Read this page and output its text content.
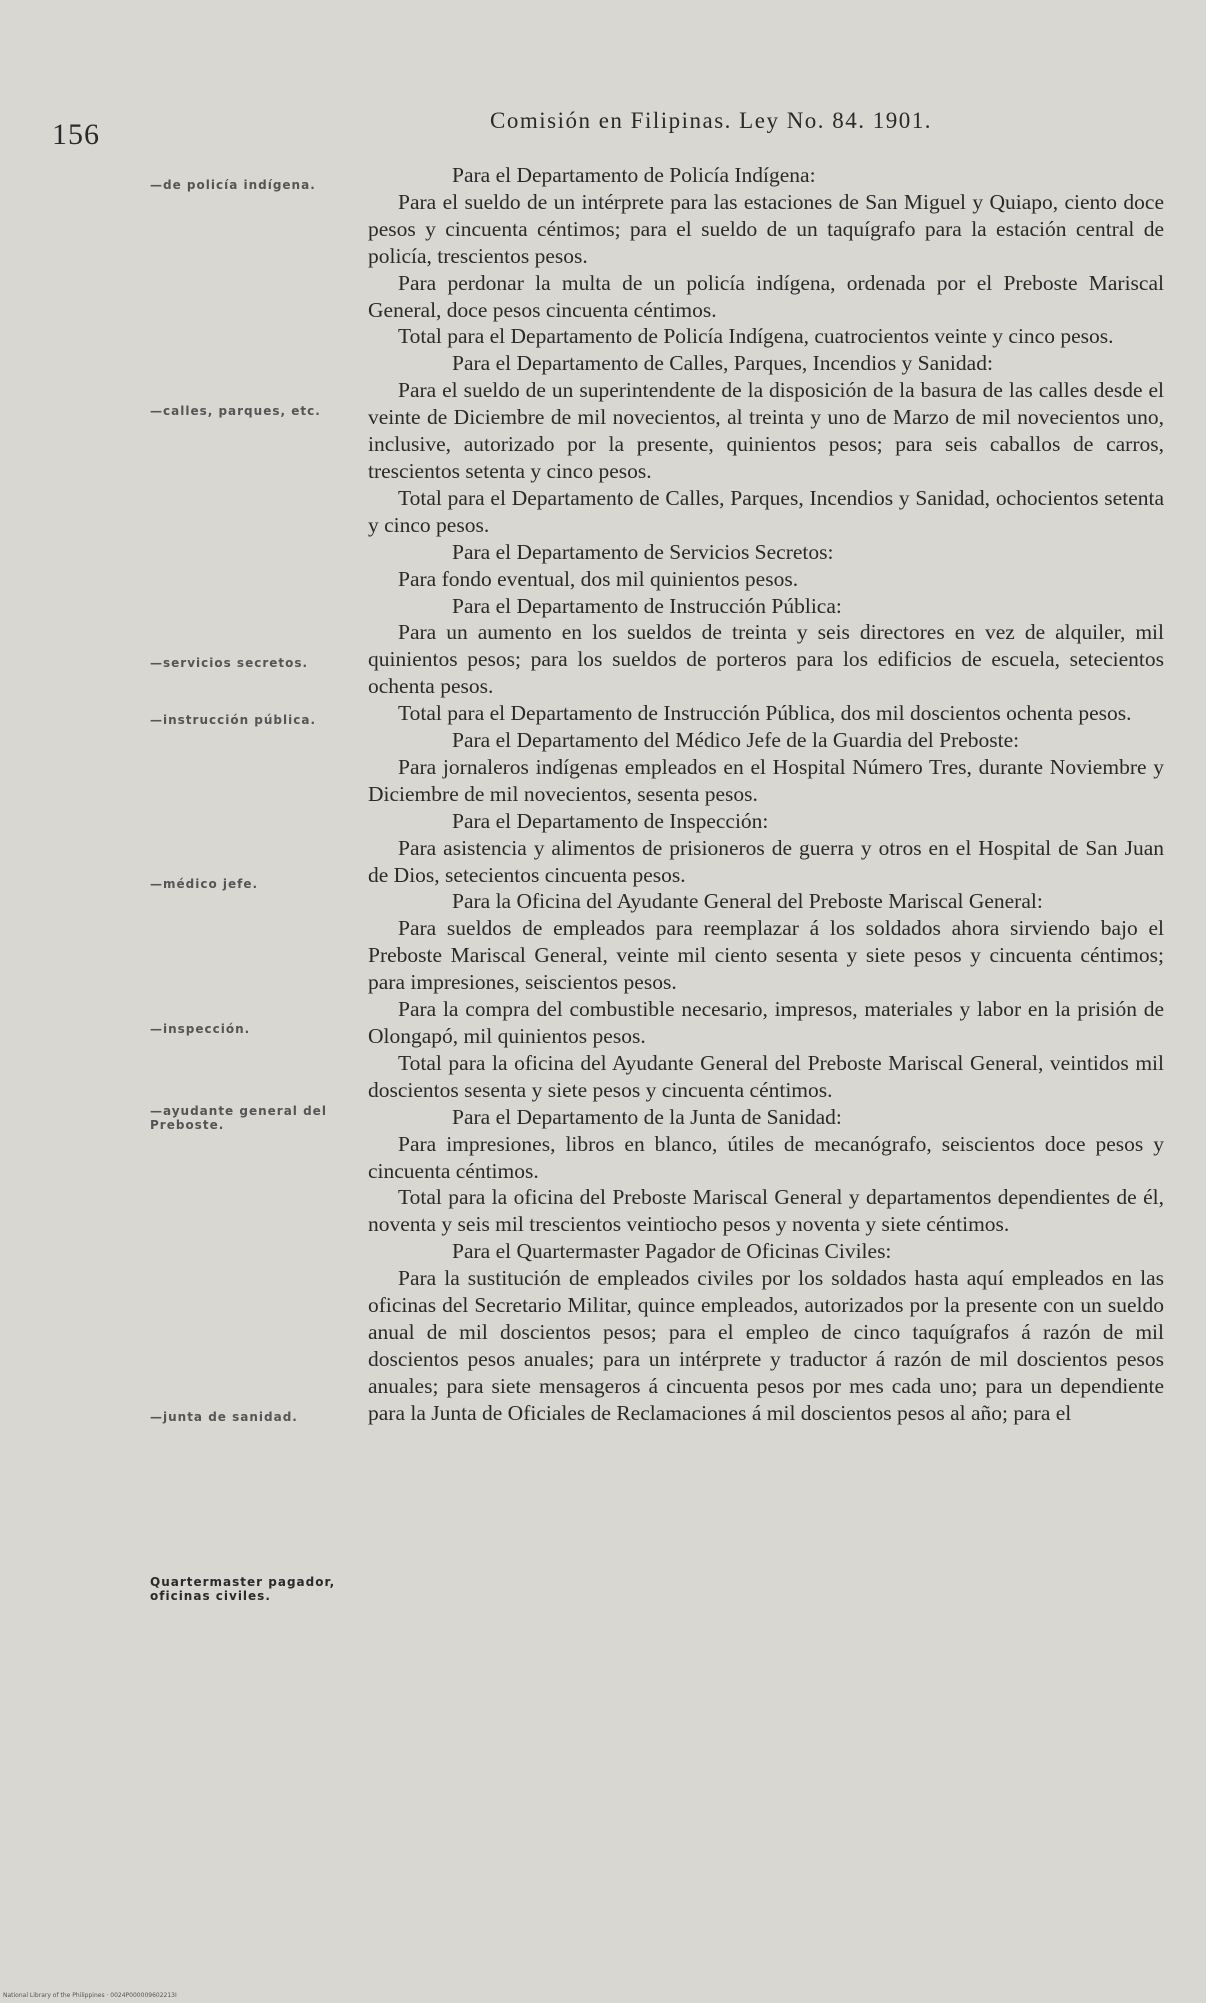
156	Comisión en Filipinas. Ley No. 84. 1901.
—de policía indígena.
—calles, parques, etc.
—servicios secretos.
—instrucción pública.
—médico jefe.
—inspección.
—ayudante general del Preboste.
—junta de sanidad.
Quartermaster pagador, oficinas civiles.

Para el Departamento de Policía Indígena:

Para el sueldo de un intérprete para las estaciones de San Miguel y Quiapo, ciento doce pesos y cincuenta céntimos; para el sueldo de un taquígrafo para la estación central de policía, trescientos pesos.

Para perdonar la multa de un policía indígena, ordenada por el Preboste Mariscal General, doce pesos cincuenta céntimos.

Total para el Departamento de Policía Indígena, cuatrocientos veinte y cinco pesos.

Para el Departamento de Calles, Parques, Incendios y Sanidad:

Para el sueldo de un superintendente de la disposición de la basura de las calles desde el veinte de Diciembre de mil novecientos, al treinta y uno de Marzo de mil novecientos uno, inclusive, autorizado por la presente, quinientos pesos; para seis caballos de carros, trescientos setenta y cinco pesos.

Total para el Departamento de Calles, Parques, Incendios y Sanidad, ochocientos setenta y cinco pesos.

Para el Departamento de Servicios Secretos:

Para fondo eventual, dos mil quinientos pesos.

Para el Departamento de Instrucción Pública:

Para un aumento en los sueldos de treinta y seis directores en vez de alquiler, mil quinientos pesos; para los sueldos de porteros para los edificios de escuela, setecientos ochenta pesos.

Total para el Departamento de Instrucción Pública, dos mil doscientos ochenta pesos.

Para el Departamento del Médico Jefe de la Guardia del Preboste:

Para jornaleros indígenas empleados en el Hospital Número Tres, durante Noviembre y Diciembre de mil novecientos, sesenta pesos.

Para el Departamento de Inspección:

Para asistencia y alimentos de prisioneros de guerra y otros en el Hospital de San Juan de Dios, setecientos cincuenta pesos.

Para la Oficina del Ayudante General del Preboste Mariscal General:

Para sueldos de empleados para reemplazar á los soldados ahora sirviendo bajo el Preboste Mariscal General, veinte mil ciento sesenta y siete pesos y cincuenta céntimos; para impresiones, seiscientos pesos.

Para la compra del combustible necesario, impresos, materiales y labor en la prisión de Olongapó, mil quinientos pesos.

Total para la oficina del Ayudante General del Preboste Mariscal General, veintidos mil doscientos sesenta y siete pesos y cincuenta céntimos.

Para el Departamento de la Junta de Sanidad:

Para impresiones, libros en blanco, útiles de mecanógrafo, seiscientos doce pesos y cincuenta céntimos.

Total para la oficina del Preboste Mariscal General y departamentos dependientes de él, noventa y seis mil trescientos veintiocho pesos y noventa y siete céntimos.

Para el Quartermaster Pagador de Oficinas Civiles:

Para la sustitución de empleados civiles por los soldados hasta aquí empleados en las oficinas del Secretario Militar, quince empleados, autorizados por la presente con un sueldo anual de mil doscientos pesos; para el empleo de cinco taquígrafos á razón de mil doscientos pesos anuales; para un intérprete y traductor á razón de mil doscientos pesos anuales; para siete mensageros á cincuenta pesos por mes cada uno; para un dependiente para la Junta de Oficiales de Reclamaciones á mil doscientos pesos al año; para el

National Library of the Philippines · 0024P000009602213I
